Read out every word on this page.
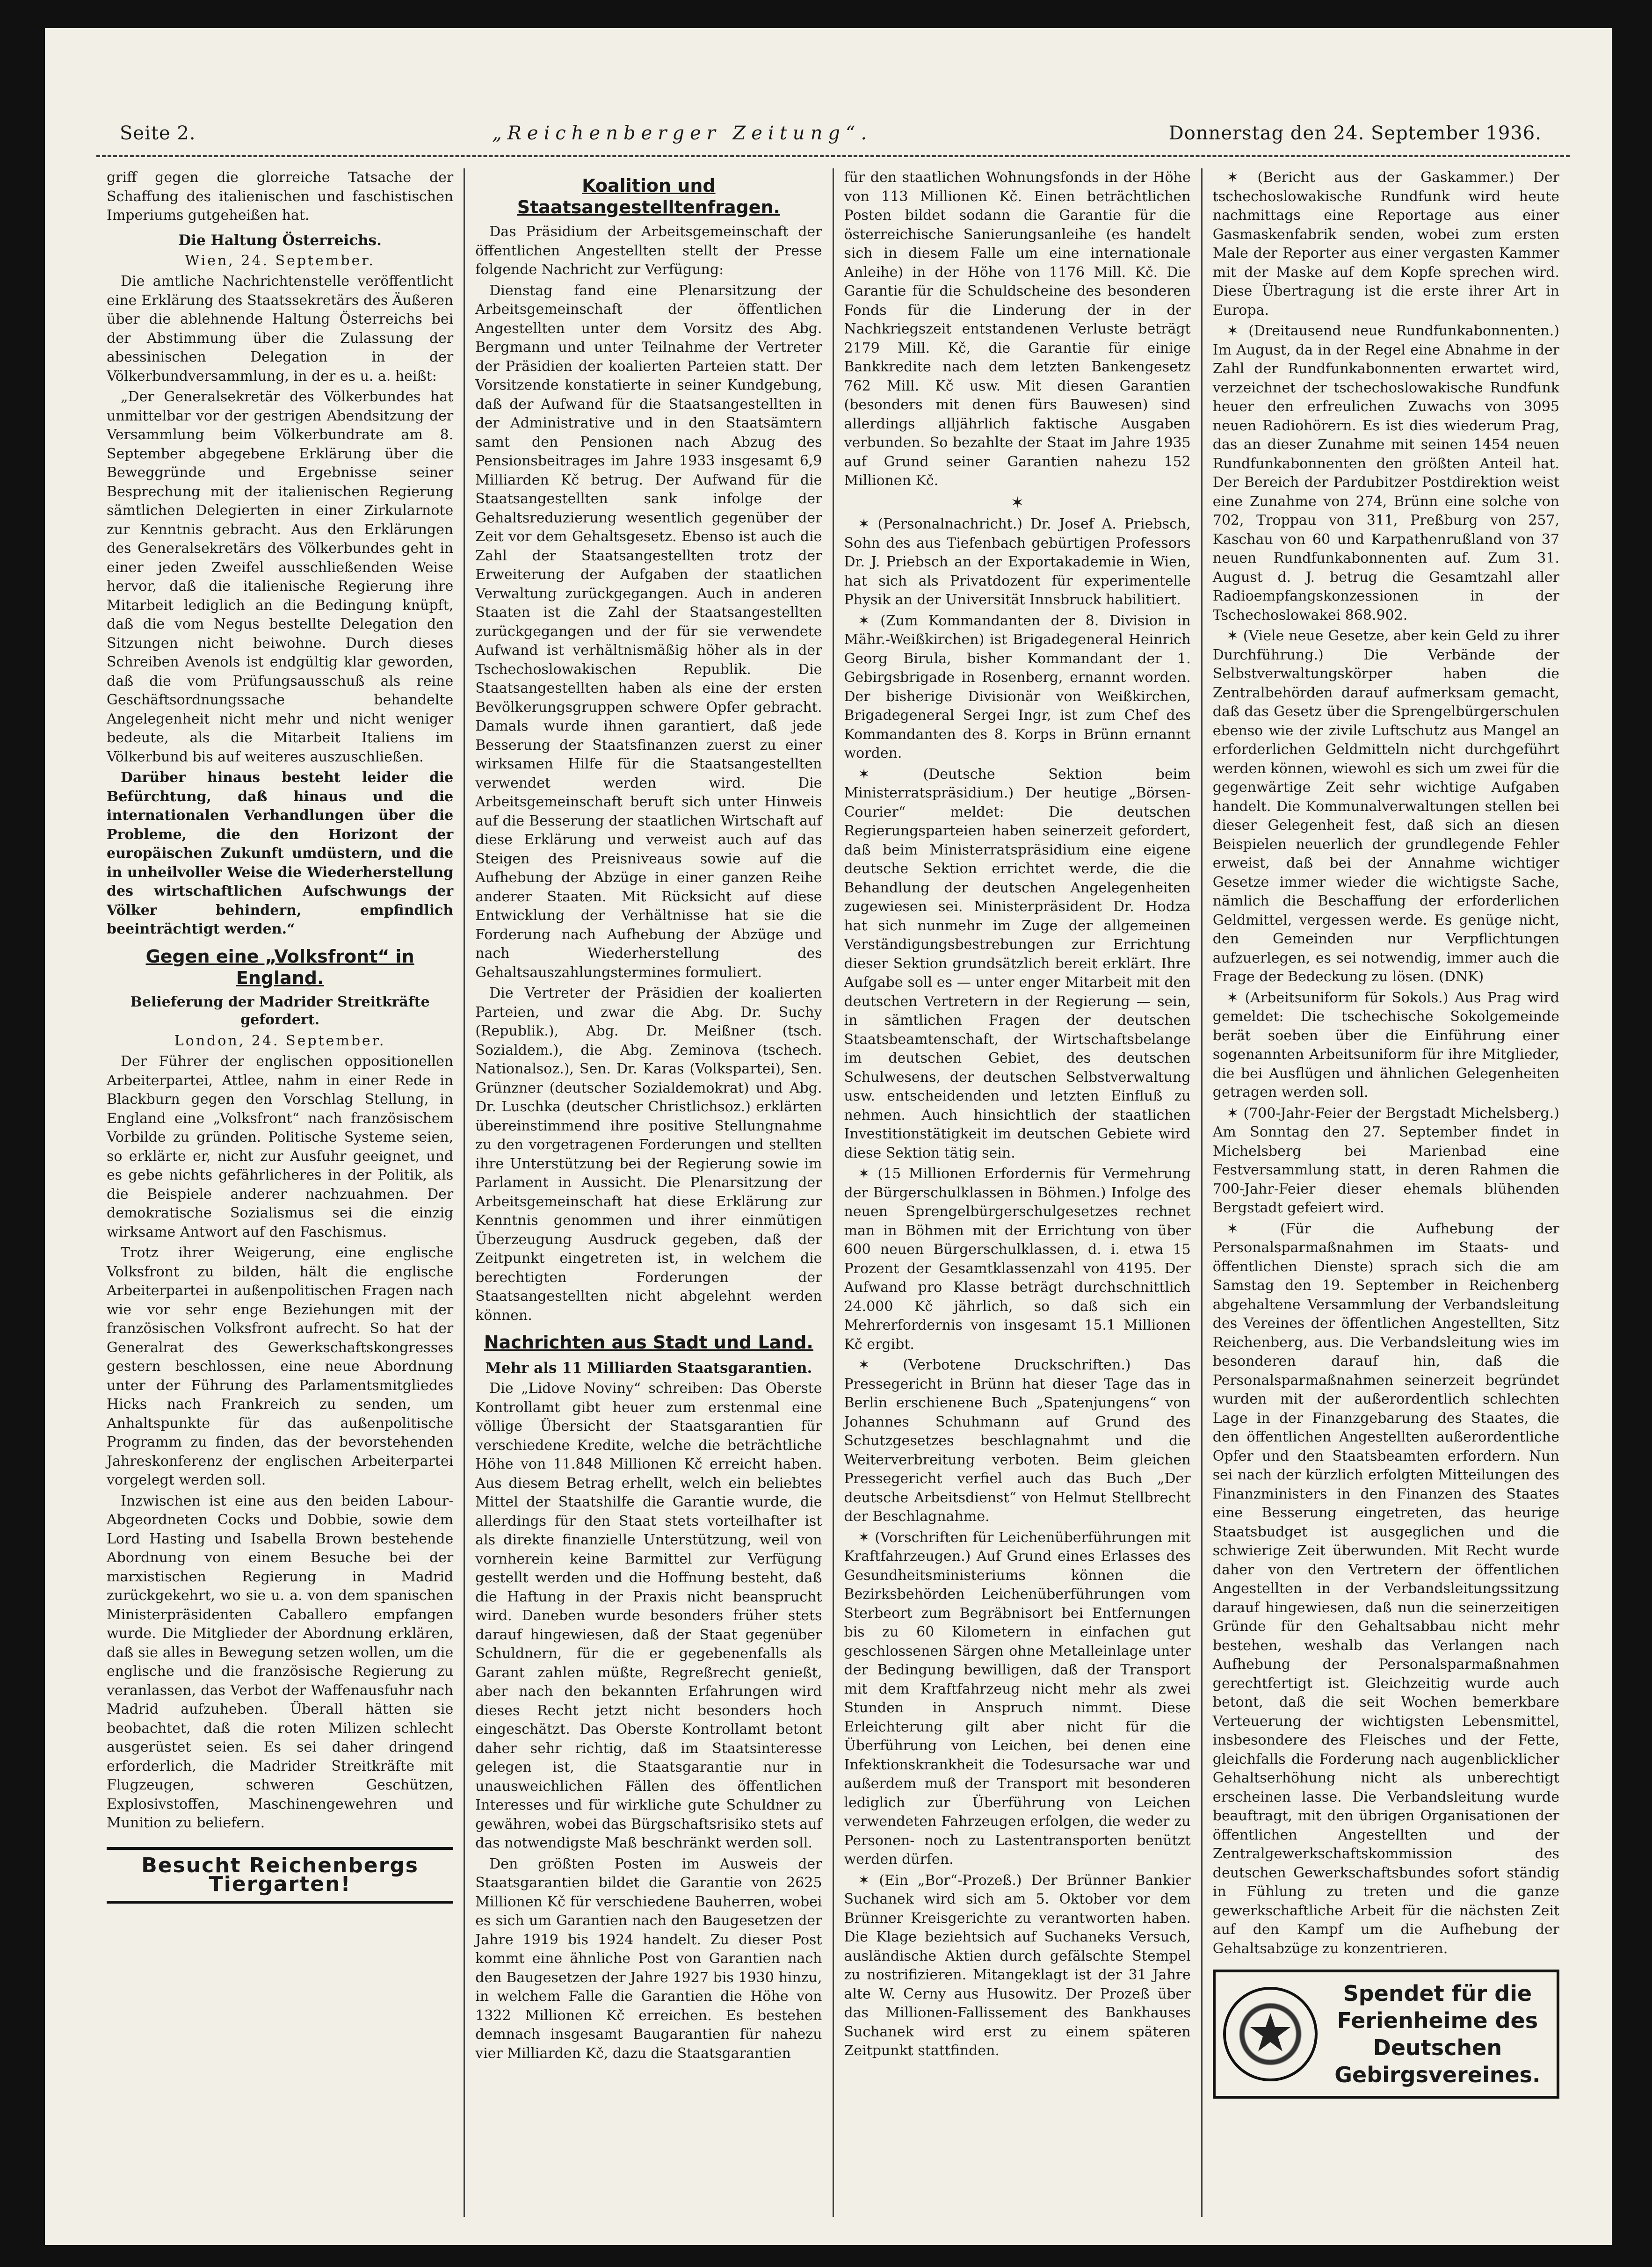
Seite 2.	„Reichenberger Zeitung“.	Donnerstag den 24. September 1936.

griff gegen die glorreiche Tatsache der Schaffung des italienischen und faschistischen Imperiums gutgeheißen hat.

Die Haltung Österreichs.
Wien, 24. September.

Die amtliche Nachrichtenstelle veröffentlicht eine Erklärung des Staatssekretärs des Äußeren über die ablehnende Haltung Österreichs bei der Abstimmung über die Zulassung der abessinischen Delegation in der Völkerbundversammlung, in der es u. a. heißt:

„Der Generalsekretär des Völkerbundes hat unmittelbar vor der gestrigen Abendsitzung der Versammlung beim Völkerbundrate am 8. September abgegebene Erklärung über die Beweggründe und Ergebnisse seiner Besprechung mit der italienischen Regierung sämtlichen Delegierten in einer Zirkularnote zur Kenntnis gebracht. Aus den Erklärungen des Generalsekretärs des Völkerbundes geht in einer jeden Zweifel ausschließenden Weise hervor, daß die italienische Regierung ihre Mitarbeit lediglich an die Bedingung knüpft, daß die vom Negus bestellte Delegation den Sitzungen nicht beiwohne. Durch dieses Schreiben Avenols ist endgültig klar geworden, daß die vom Prüfungsausschuß als reine Geschäftsordnungssache behandelte Angelegenheit nicht mehr und nicht weniger bedeute, als die Mitarbeit Italiens im Völkerbund bis auf weiteres auszuschließen.

Darüber hinaus besteht leider die Befürchtung, daß hinaus und die internationalen Verhandlungen über die Probleme, die den Horizont der europäischen Zukunft umdüstern, und die in unheilvoller Weise die Wiederherstellung des wirtschaftlichen Aufschwungs der Völker behindern, empfindlich beeinträchtigt werden.“

Gegen eine „Volksfront“ in England.
Belieferung der Madrider Streitkräfte gefordert.
London, 24. September.

Der Führer der englischen oppositionellen Arbeiterpartei, Attlee, nahm in einer Rede in Blackburn gegen den Vorschlag Stellung, in England eine „Volksfront“ nach französischem Vorbilde zu gründen. Politische Systeme seien, so erklärte er, nicht zur Ausfuhr geeignet, und es gebe nichts gefährlicheres in der Politik, als die Beispiele anderer nachzuahmen. Der demokratische Sozialismus sei die einzig wirksame Antwort auf den Faschismus.

Trotz ihrer Weigerung, eine englische Volksfront zu bilden, hält die englische Arbeiterpartei in außenpolitischen Fragen nach wie vor sehr enge Beziehungen mit der französischen Volksfront aufrecht. So hat der Generalrat des Gewerkschaftskongresses gestern beschlossen, eine neue Abordnung unter der Führung des Parlamentsmitgliedes Hicks nach Frankreich zu senden, um Anhaltspunkte für das außenpolitische Programm zu finden, das der bevorstehenden Jahreskonferenz der englischen Arbeiterpartei vorgelegt werden soll.

Inzwischen ist eine aus den beiden Labour-Abgeordneten Cocks und Dobbie, sowie dem Lord Hasting und Isabella Brown bestehende Abordnung von einem Besuche bei der marxistischen Regierung in Madrid zurückgekehrt, wo sie u. a. von dem spanischen Ministerpräsidenten Caballero empfangen wurde. Die Mitglieder der Abordnung erklären, daß sie alles in Bewegung setzen wollen, um die englische und die französische Regierung zu veranlassen, das Verbot der Waffenausfuhr nach Madrid aufzuheben. Überall hätten sie beobachtet, daß die roten Milizen schlecht ausgerüstet seien. Es sei daher dringend erforderlich, die Madrider Streitkräfte mit Flugzeugen, schweren Geschützen, Explosivstoffen, Maschinengewehren und Munition zu beliefern.

Besucht Reichenbergs Tiergarten!
Koalition und Staatsangestelltenfragen.

Das Präsidium der Arbeitsgemeinschaft der öffentlichen Angestellten stellt der Presse folgende Nachricht zur Verfügung:

Dienstag fand eine Plenarsitzung der Arbeitsgemeinschaft der öffentlichen Angestellten unter dem Vorsitz des Abg. Bergmann und unter Teilnahme der Vertreter der Präsidien der koalierten Parteien statt. Der Vorsitzende konstatierte in seiner Kundgebung, daß der Aufwand für die Staatsangestellten in der Administrative und in den Staatsämtern samt den Pensionen nach Abzug des Pensionsbeitrages im Jahre 1933 insgesamt 6,9 Milliarden Kč betrug. Der Aufwand für die Staatsangestellten sank infolge der Gehaltsreduzierung wesentlich gegenüber der Zeit vor dem Gehaltsgesetz. Ebenso ist auch die Zahl der Staatsangestellten trotz der Erweiterung der Aufgaben der staatlichen Verwaltung zurückgegangen. Auch in anderen Staaten ist die Zahl der Staatsangestellten zurückgegangen und der für sie verwendete Aufwand ist verhältnismäßig höher als in der Tschechoslowakischen Republik. Die Staatsangestellten haben als eine der ersten Bevölkerungsgruppen schwere Opfer gebracht. Damals wurde ihnen garantiert, daß jede Besserung der Staatsfinanzen zuerst zu einer wirksamen Hilfe für die Staatsangestellten verwendet werden wird. Die Arbeitsgemeinschaft beruft sich unter Hinweis auf die Besserung der staatlichen Wirtschaft auf diese Erklärung und verweist auch auf das Steigen des Preisniveaus sowie auf die Aufhebung der Abzüge in einer ganzen Reihe anderer Staaten. Mit Rücksicht auf diese Entwicklung der Verhältnisse hat sie die Forderung nach Aufhebung der Abzüge und nach Wiederherstellung des Gehaltsauszahlungstermines formuliert.

Die Vertreter der Präsidien der koalierten Parteien, und zwar die Abg. Dr. Suchy (Republik.), Abg. Dr. Meißner (tsch. Sozialdem.), die Abg. Zeminova (tschech. Nationalsoz.), Sen. Dr. Karas (Volkspartei), Sen. Grünzner (deutscher Sozialdemokrat) und Abg. Dr. Luschka (deutscher Christlichsoz.) erklärten übereinstimmend ihre positive Stellungnahme zu den vorgetragenen Forderungen und stellten ihre Unterstützung bei der Regierung sowie im Parlament in Aussicht. Die Plenarsitzung der Arbeitsgemeinschaft hat diese Erklärung zur Kenntnis genommen und ihrer einmütigen Überzeugung Ausdruck gegeben, daß der Zeitpunkt eingetreten ist, in welchem die berechtigten Forderungen der Staatsangestellten nicht abgelehnt werden können.

Nachrichten aus Stadt und Land.
Mehr als 11 Milliarden Staatsgarantien.

Die „Lidove Noviny“ schreiben: Das Oberste Kontrollamt gibt heuer zum erstenmal eine völlige Übersicht der Staatsgarantien für verschiedene Kredite, welche die beträchtliche Höhe von 11.848 Millionen Kč erreicht haben. Aus diesem Betrag erhellt, welch ein beliebtes Mittel der Staatshilfe die Garantie wurde, die allerdings für den Staat stets vorteilhafter ist als direkte finanzielle Unterstützung, weil von vornherein keine Barmittel zur Verfügung gestellt werden und die Hoffnung besteht, daß die Haftung in der Praxis nicht beansprucht wird. Daneben wurde besonders früher stets darauf hingewiesen, daß der Staat gegenüber Schuldnern, für die er gegebenenfalls als Garant zahlen müßte, Regreßrecht genießt, aber nach den bekannten Erfahrungen wird dieses Recht jetzt nicht besonders hoch eingeschätzt. Das Oberste Kontrollamt betont daher sehr richtig, daß im Staatsinteresse gelegen ist, die Staatsgarantie nur in unausweichlichen Fällen des öffentlichen Interesses und für wirkliche gute Schuldner zu gewähren, wobei das Bürgschaftsrisiko stets auf das notwendigste Maß beschränkt werden soll.

Den größten Posten im Ausweis der Staatsgarantien bildet die Garantie von 2625 Millionen Kč für verschiedene Bauherren, wobei es sich um Garantien nach den Baugesetzen der Jahre 1919 bis 1924 handelt. Zu dieser Post kommt eine ähnliche Post von Garantien nach den Baugesetzen der Jahre 1927 bis 1930 hinzu, in welchem Falle die Garantien die Höhe von 1322 Millionen Kč erreichen. Es bestehen demnach insgesamt Baugarantien für nahezu vier Milliarden Kč, dazu die Staatsgarantien

für den staatlichen Wohnungsfonds in der Höhe von 113 Millionen Kč. Einen beträchtlichen Posten bildet sodann die Garantie für die österreichische Sanierungsanleihe (es handelt sich in diesem Falle um eine internationale Anleihe) in der Höhe von 1176 Mill. Kč. Die Garantie für die Schuldscheine des besonderen Fonds für die Linderung der in der Nachkriegszeit entstandenen Verluste beträgt 2179 Mill. Kč, die Garantie für einige Bankkredite nach dem letzten Bankengesetz 762 Mill. Kč usw. Mit diesen Garantien (besonders mit denen fürs Bauwesen) sind allerdings alljährlich faktische Ausgaben verbunden. So bezahlte der Staat im Jahre 1935 auf Grund seiner Garantien nahezu 152 Millionen Kč.

✶

✶ (Personalnachricht.) Dr. Josef A. Priebsch, Sohn des aus Tiefenbach gebürtigen Professors Dr. J. Priebsch an der Exportakademie in Wien, hat sich als Privatdozent für experimentelle Physik an der Universität Innsbruck habilitiert.

✶ (Zum Kommandanten der 8. Division in Mähr.-Weißkirchen) ist Brigadegeneral Heinrich Georg Birula, bisher Kommandant der 1. Gebirgsbrigade in Rosenberg, ernannt worden. Der bisherige Divisionär von Weißkirchen, Brigadegeneral Sergei Ingr, ist zum Chef des Kommandanten des 8. Korps in Brünn ernannt worden.

✶ (Deutsche Sektion beim Ministerratspräsidium.) Der heutige „Börsen-Courier“ meldet: Die deutschen Regierungsparteien haben seinerzeit gefordert, daß beim Ministerratspräsidium eine eigene deutsche Sektion errichtet werde, die die Behandlung der deutschen Angelegenheiten zugewiesen sei. Ministerpräsident Dr. Hodza hat sich nunmehr im Zuge der allgemeinen Verständigungsbestrebungen zur Errichtung dieser Sektion grundsätzlich bereit erklärt. Ihre Aufgabe soll es — unter enger Mitarbeit mit den deutschen Vertretern in der Regierung — sein, in sämtlichen Fragen der deutschen Staatsbeamtenschaft, der Wirtschaftsbelange im deutschen Gebiet, des deutschen Schulwesens, der deutschen Selbstverwaltung usw. entscheidenden und letzten Einfluß zu nehmen. Auch hinsichtlich der staatlichen Investitionstätigkeit im deutschen Gebiete wird diese Sektion tätig sein.

✶ (15 Millionen Erfordernis für Vermehrung der Bürgerschulklassen in Böhmen.) Infolge des neuen Sprengelbürgerschulgesetzes rechnet man in Böhmen mit der Errichtung von über 600 neuen Bürgerschulklassen, d. i. etwa 15 Prozent der Gesamtklassenzahl von 4195. Der Aufwand pro Klasse beträgt durchschnittlich 24.000 Kč jährlich, so daß sich ein Mehrerfordernis von insgesamt 15.1 Millionen Kč ergibt.

✶ (Verbotene Druckschriften.) Das Pressegericht in Brünn hat dieser Tage das in Berlin erschienene Buch „Spatenjungens“ von Johannes Schuhmann auf Grund des Schutzgesetzes beschlagnahmt und die Weiterverbreitung verboten. Beim gleichen Pressegericht verfiel auch das Buch „Der deutsche Arbeitsdienst“ von Helmut Stellbrecht der Beschlagnahme.

✶ (Vorschriften für Leichenüberführungen mit Kraftfahrzeugen.) Auf Grund eines Erlasses des Gesundheitsministeriums können die Bezirksbehörden Leichenüberführungen vom Sterbeort zum Begräbnisort bei Entfernungen bis zu 60 Kilometern in einfachen gut geschlossenen Särgen ohne Metalleinlage unter der Bedingung bewilligen, daß der Transport mit dem Kraftfahrzeug nicht mehr als zwei Stunden in Anspruch nimmt. Diese Erleichterung gilt aber nicht für die Überführung von Leichen, bei denen eine Infektionskrankheit die Todesursache war und außerdem muß der Transport mit besonderen lediglich zur Überführung von Leichen verwendeten Fahrzeugen erfolgen, die weder zu Personen- noch zu Lastentransporten benützt werden dürfen.

✶ (Ein „Bor“-Prozeß.) Der Brünner Bankier Suchanek wird sich am 5. Oktober vor dem Brünner Kreisgerichte zu verantworten haben. Die Klage beziehtsich auf Suchaneks Versuch, ausländische Aktien durch gefälschte Stempel zu nostrifizieren. Mitangeklagt ist der 31 Jahre alte W. Cerny aus Husowitz. Der Prozeß über das Millionen-Fallissement des Bankhauses Suchanek wird erst zu einem späteren Zeitpunkt stattfinden.

✶ (Bericht aus der Gaskammer.) Der tschechoslowakische Rundfunk wird heute nachmittags eine Reportage aus einer Gasmaskenfabrik senden, wobei zum ersten Male der Reporter aus einer vergasten Kammer mit der Maske auf dem Kopfe sprechen wird. Diese Übertragung ist die erste ihrer Art in Europa.

✶ (Dreitausend neue Rundfunkabonnenten.) Im August, da in der Regel eine Abnahme in der Zahl der Rundfunkabonnenten erwartet wird, verzeichnet der tschechoslowakische Rundfunk heuer den erfreulichen Zuwachs von 3095 neuen Radiohörern. Es ist dies wiederum Prag, das an dieser Zunahme mit seinen 1454 neuen Rundfunkabonnenten den größten Anteil hat. Der Bereich der Pardubitzer Postdirektion weist eine Zunahme von 274, Brünn eine solche von 702, Troppau von 311, Preßburg von 257, Kaschau von 60 und Karpathenrußland von 37 neuen Rundfunkabonnenten auf. Zum 31. August d. J. betrug die Gesamtzahl aller Radioempfangskonzessionen in der Tschechoslowakei 868.902.

✶ (Viele neue Gesetze, aber kein Geld zu ihrer Durchführung.) Die Verbände der Selbstverwaltungskörper haben die Zentralbehörden darauf aufmerksam gemacht, daß das Gesetz über die Sprengelbürgerschulen ebenso wie der zivile Luftschutz aus Mangel an erforderlichen Geldmitteln nicht durchgeführt werden können, wiewohl es sich um zwei für die gegenwärtige Zeit sehr wichtige Aufgaben handelt. Die Kommunalverwaltungen stellen bei dieser Gelegenheit fest, daß sich an diesen Beispielen neuerlich der grundlegende Fehler erweist, daß bei der Annahme wichtiger Gesetze immer wieder die wichtigste Sache, nämlich die Beschaffung der erforderlichen Geldmittel, vergessen werde. Es genüge nicht, den Gemeinden nur Verpflichtungen aufzuerlegen, es sei notwendig, immer auch die Frage der Bedeckung zu lösen. (DNK)

✶ (Arbeitsuniform für Sokols.) Aus Prag wird gemeldet: Die tschechische Sokolgemeinde berät soeben über die Einführung einer sogenannten Arbeitsuniform für ihre Mitglieder, die bei Ausflügen und ähnlichen Gelegenheiten getragen werden soll.

✶ (700-Jahr-Feier der Bergstadt Michelsberg.) Am Sonntag den 27. September findet in Michelsberg bei Marienbad eine Festversammlung statt, in deren Rahmen die 700-Jahr-Feier dieser ehemals blühenden Bergstadt gefeiert wird.

✶ (Für die Aufhebung der Personalsparmaßnahmen im Staats- und öffentlichen Dienste) sprach sich die am Samstag den 19. September in Reichenberg abgehaltene Versammlung der Verbandsleitung des Vereines der öffentlichen Angestellten, Sitz Reichenberg, aus. Die Verbandsleitung wies im besonderen darauf hin, daß die Personalsparmaßnahmen seinerzeit begründet wurden mit der außerordentlich schlechten Lage in der Finanzgebarung des Staates, die den öffentlichen Angestellten außerordentliche Opfer und den Staatsbeamten erfordern. Nun sei nach der kürzlich erfolgten Mitteilungen des Finanzministers in den Finanzen des Staates eine Besserung eingetreten, das heurige Staatsbudget ist ausgeglichen und die schwierige Zeit überwunden. Mit Recht wurde daher von den Vertretern der öffentlichen Angestellten in der Verbandsleitungssitzung darauf hingewiesen, daß nun die seinerzeitigen Gründe für den Gehaltsabbau nicht mehr bestehen, weshalb das Verlangen nach Aufhebung der Personalsparmaßnahmen gerechtfertigt ist. Gleichzeitig wurde auch betont, daß die seit Wochen bemerkbare Verteuerung der wichtigsten Lebensmittel, insbesondere des Fleisches und der Fette, gleichfalls die Forderung nach augenblicklicher Gehaltserhöhung nicht als unberechtigt erscheinen lasse. Die Verbandsleitung wurde beauftragt, mit den übrigen Organisationen der öffentlichen Angestellten und der Zentralgewerkschaftskommission des deutschen Gewerkschaftsbundes sofort ständig in Fühlung zu treten und die ganze gewerkschaftliche Arbeit für die nächsten Zeit auf den Kampf um die Aufhebung der Gehaltsabzüge zu konzentrieren.

Spendet für die Ferienheime des Deutschen Gebirgsvereines.
